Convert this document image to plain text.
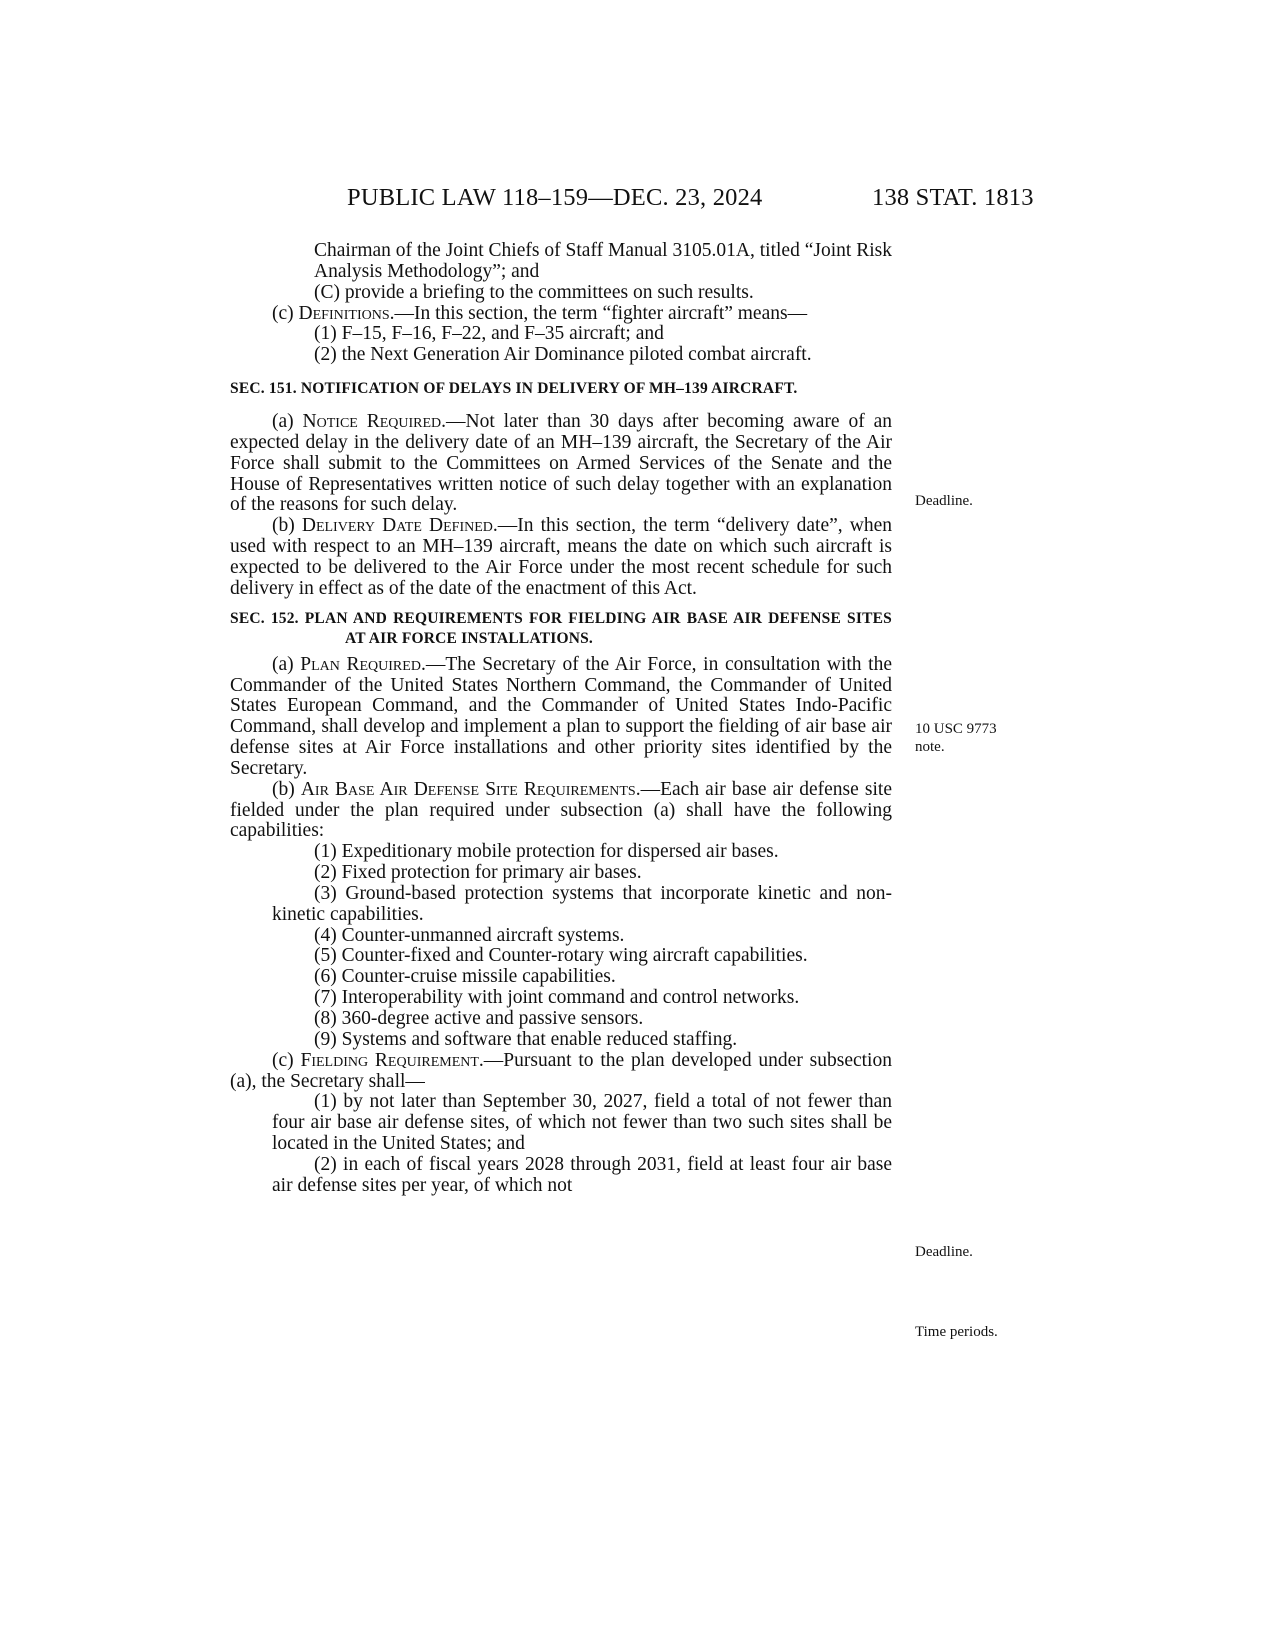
PUBLIC LAW 118–159—DEC. 23, 2024	138 STAT. 1813
Deadline.
10 USC 9773
note.
Deadline.
Time periods.

Chairman of the Joint Chiefs of Staff Manual 3105.01A, titled “Joint Risk Analysis Methodology”; and

(C) provide a briefing to the committees on such results.

(c) Definitions.—In this section, the term “fighter aircraft” means—

(1) F–15, F–16, F–22, and F–35 aircraft; and

(2) the Next Generation Air Dominance piloted combat aircraft.

SEC. 151. NOTIFICATION OF DELAYS IN DELIVERY OF MH–139 AIRCRAFT.

(a) Notice Required.—Not later than 30 days after becoming aware of an expected delay in the delivery date of an MH–139 aircraft, the Secretary of the Air Force shall submit to the Committees on Armed Services of the Senate and the House of Representatives written notice of such delay together with an explanation of the reasons for such delay.

(b) Delivery Date Defined.—In this section, the term “delivery date”, when used with respect to an MH–139 aircraft, means the date on which such aircraft is expected to be delivered to the Air Force under the most recent schedule for such delivery in effect as of the date of the enactment of this Act.

SEC. 152. PLAN AND REQUIREMENTS FOR FIELDING AIR BASE AIR DEFENSE SITES AT AIR FORCE INSTALLATIONS.

(a) Plan Required.—The Secretary of the Air Force, in consultation with the Commander of the United States Northern Command, the Commander of United States European Command, and the Commander of United States Indo-Pacific Command, shall develop and implement a plan to support the fielding of air base air defense sites at Air Force installations and other priority sites identified by the Secretary.

(b) Air Base Air Defense Site Requirements.—Each air base air defense site fielded under the plan required under subsection (a) shall have the following capabilities:

(1) Expeditionary mobile protection for dispersed air bases.

(2) Fixed protection for primary air bases.

(3) Ground-based protection systems that incorporate kinetic and non-kinetic capabilities.

(4) Counter-unmanned aircraft systems.

(5) Counter-fixed and Counter-rotary wing aircraft capabilities.

(6) Counter-cruise missile capabilities.

(7) Interoperability with joint command and control networks.

(8) 360-degree active and passive sensors.

(9) Systems and software that enable reduced staffing.

(c) Fielding Requirement.—Pursuant to the plan developed under subsection (a), the Secretary shall—

(1) by not later than September 30, 2027, field a total of not fewer than four air base air defense sites, of which not fewer than two such sites shall be located in the United States; and

(2) in each of fiscal years 2028 through 2031, field at least four air base air defense sites per year, of which not
